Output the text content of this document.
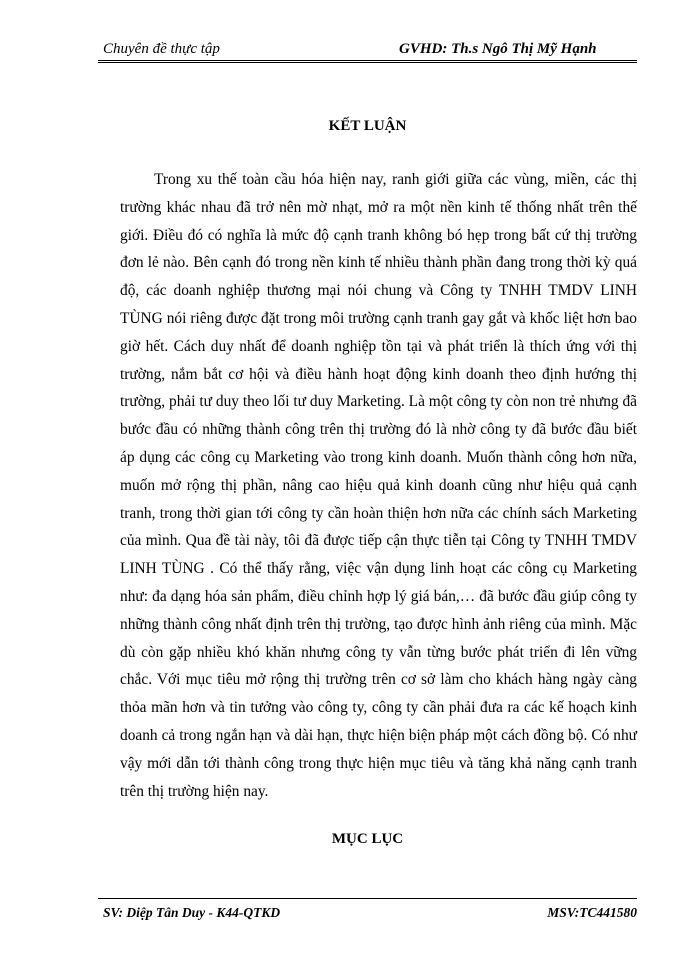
Chuyên đề thực tập	GVHD: Th.s Ngô Thị Mỹ Hạnh
KẾT LUẬN

Trong xu thế toàn cầu hóa hiện nay, ranh giới giữa các vùng, miền, các thị trường khác nhau đã trở nên mờ nhạt, mở ra một nền kinh tế thống nhất trên thế giới. Điều đó có nghĩa là mức độ cạnh tranh không bó hẹp trong bất cứ thị trường đơn lẻ nào. Bên cạnh đó trong nền kinh tế nhiều thành phần đang trong thời kỳ quá độ, các doanh nghiệp thương mại nói chung và Công ty TNHH TMDV LINH TÙNG nói riêng được đặt trong môi trường cạnh tranh gay gắt và khốc liệt hơn bao giờ hết. Cách duy nhất để doanh nghiệp tồn tại và phát triển là thích ứng với thị trường, nắm bắt cơ hội và điều hành hoạt động kinh doanh theo định hướng thị trường, phải tư duy theo lối tư duy Marketing. Là một công ty còn non trẻ nhưng đã bước đầu có những thành công trên thị trường đó là nhờ công ty đã bước đầu biết áp dụng các công cụ Marketing vào trong kinh doanh. Muốn thành công hơn nữa, muốn mở rộng thị phần, nâng cao hiệu quả kinh doanh cũng như hiệu quả cạnh tranh, trong thời gian tới công ty cần hoàn thiện hơn nữa các chính sách Marketing của mình. Qua đề tài này, tôi đã được tiếp cận thực tiễn tại Công ty TNHH TMDV LINH TÙNG . Có thể thấy rằng, việc vận dụng linh hoạt các công cụ Marketing như: đa dạng hóa sản phẩm, điều chỉnh hợp lý giá bán,… đã bước đầu giúp công ty những thành công nhất định trên thị trường, tạo được hình ảnh riêng của mình. Mặc dù còn gặp nhiều khó khăn nhưng công ty vẫn từng bước phát triển đi lên vững chắc. Với mục tiêu mở rộng thị trường trên cơ sở làm cho khách hàng ngày càng thỏa mãn hơn và tin tưởng vào công ty, công ty cần phải đưa ra các kế hoạch kinh doanh cả trong ngắn hạn và dài hạn, thực hiện biện pháp một cách đồng bộ. Có như vậy mới dẫn tới thành công trong thực hiện mục tiêu và tăng khả năng cạnh tranh trên thị trường hiện nay.

MỤC LỤC
SV: Diệp Tân Duy - K44-QTKD	MSV:TC441580
